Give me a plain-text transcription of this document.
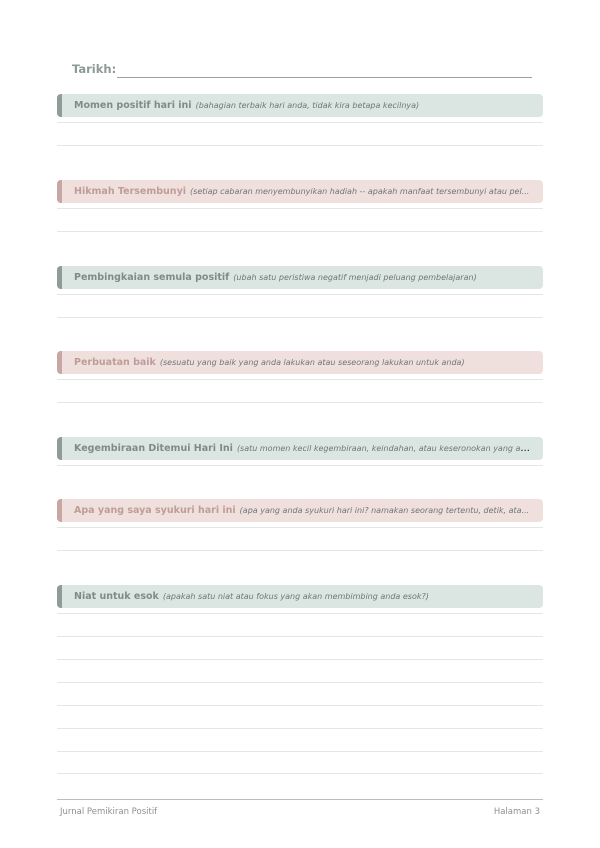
Tarikh:
Momen positif hari ini (bahagian terbaik hari anda, tidak kira betapa kecilnya)
Hikmah Tersembunyi (setiap cabaran menyembunyikan hadiah -- apakah manfaat tersembunyi atau pel...
Pembingkaian semula positif (ubah satu peristiwa negatif menjadi peluang pembelajaran)
Perbuatan baik (sesuatu yang baik yang anda lakukan atau seseorang lakukan untuk anda)
Kegembiraan Ditemui Hari Ini (satu momen kecil kegembiraan, keindahan, atau keseronokan yang an...
Apa yang saya syukuri hari ini (apa yang anda syukuri hari ini? namakan seorang tertentu, detik, ata...
Niat untuk esok (apakah satu niat atau fokus yang akan membimbing anda esok?)
Jurnal Pemikiran Positif	Halaman 3
